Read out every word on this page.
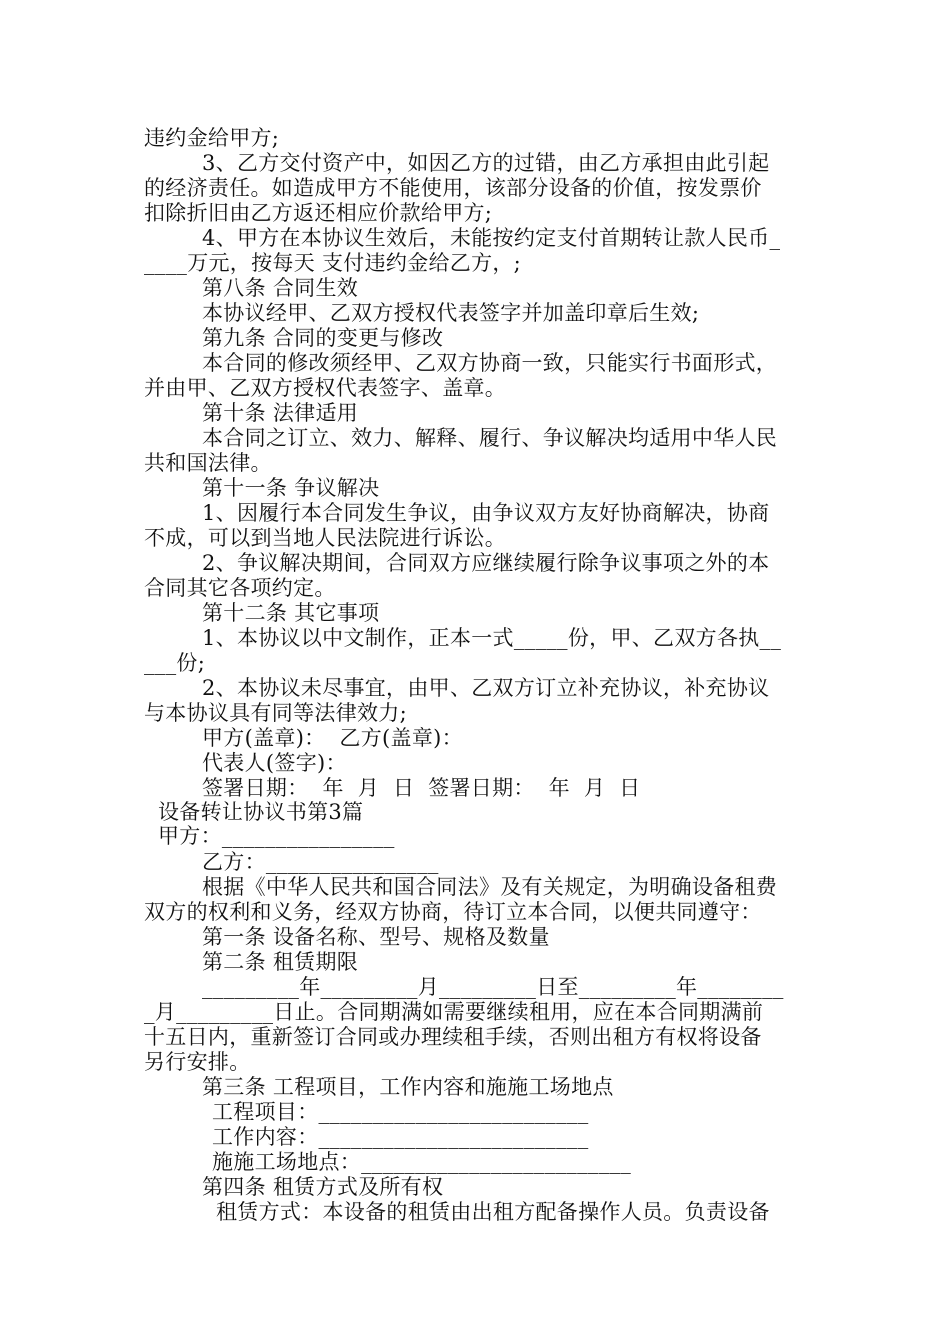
违约金给甲方;
3、乙方交付资产中，如因乙方的过错，由乙方承担由此引起
的经济责任。如造成甲方不能使用，该部分设备的价值，按发票价
扣除折旧由乙方返还相应价款给甲方;
4、甲方在本协议生效后，未能按约定支付首期转让款人民币_
____万元，按每天 支付违约金给乙方，;
第八条 合同生效
本协议经甲、乙双方授权代表签字并加盖印章后生效;
第九条 合同的变更与修改
本合同的修改须经甲、乙双方协商一致，只能实行书面形式，
并由甲、乙双方授权代表签字、盖章。
第十条 法律适用
本合同之订立、效力、解释、履行、争议解决均适用中华人民
共和国法律。
第十一条 争议解决
1、因履行本合同发生争议，由争议双方友好协商解决，协商
不成，可以到当地人民法院进行诉讼。
2、争议解决期间，合同双方应继续履行除争议事项之外的本
合同其它各项约定。
第十二条 其它事项
1、本协议以中文制作，正本一式_____份，甲、乙双方各执__
___份;
2、本协议未尽事宜，由甲、乙双方订立补充协议，补充协议
与本协议具有同等法律效力;
甲方(盖章)：  乙方(盖章)：
代表人(签字)：
签署日期：  年  月  日  签署日期：  年  月  日
设备转让协议书第3篇
甲方：________________
乙方：________________
根据《中华人民共和国合同法》及有关规定，为明确设备租费
双方的权利和义务，经双方协商，待订立本合同，以便共同遵守：
第一条 设备名称、型号、规格及数量
第二条 租赁期限
_________年_________月_________日至_________年________
_月_________日止。合同期满如需要继续租用，应在本合同期满前
十五日内，重新签订合同或办理续租手续，否则出租方有权将设备
另行安排。
第三条 工程项目，工作内容和施施工场地点
工程项目：_________________________
工作内容：_________________________
施施工场地点：_________________________
第四条 租赁方式及所有权
租赁方式：本设备的租赁由出租方配备操作人员。负责设备
